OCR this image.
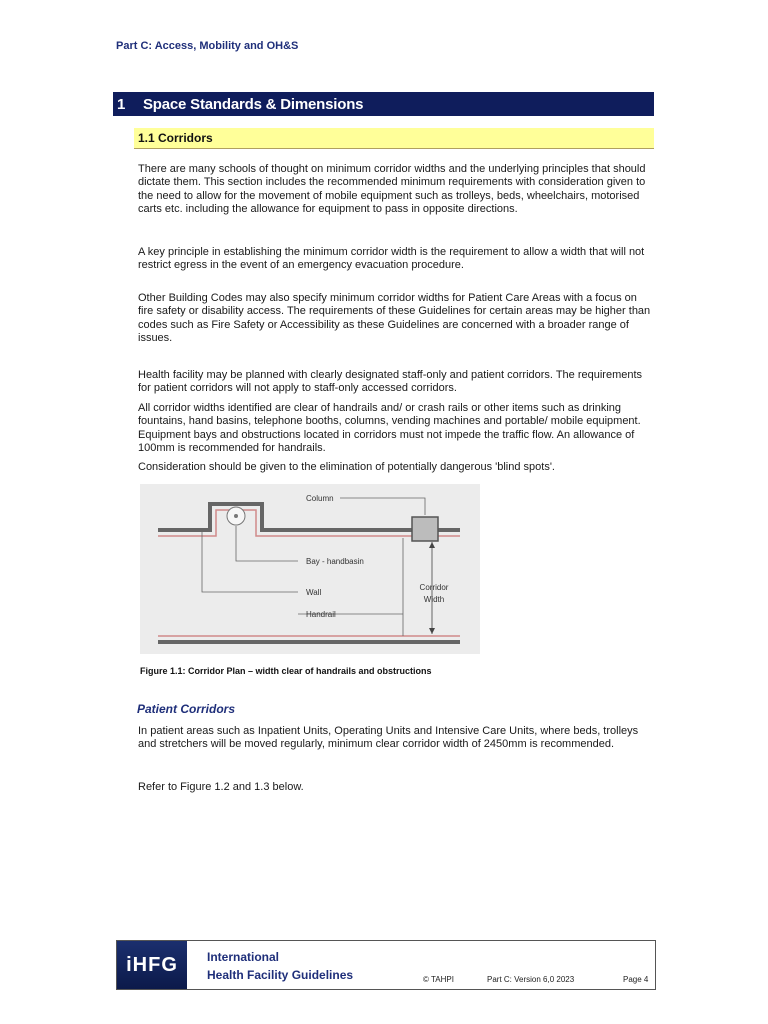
Part C: Access, Mobility and OH&S
1	Space Standards & Dimensions
1.1 Corridors

There are many schools of thought on minimum corridor widths and the underlying principles that should dictate them. This section includes the recommended minimum requirements with consideration given to the need to allow for the movement of mobile equipment such as trolleys, beds, wheelchairs, motorised carts etc. including the allowance for equipment to pass in opposite directions.

A key principle in establishing the minimum corridor width is the requirement to allow a width that will not restrict egress in the event of an emergency evacuation procedure.

Other Building Codes may also specify minimum corridor widths for Patient Care Areas with a focus on fire safety or disability access. The requirements of these Guidelines for certain areas may be higher than codes such as Fire Safety or Accessibility as these Guidelines are concerned with a broader range of issues.

Health facility may be planned with clearly designated staff-only and patient corridors. The requirements for patient corridors will not apply to staff-only accessed corridors.

All corridor widths identified are clear of handrails and/ or crash rails or other items such as drinking fountains, hand basins, telephone booths, columns, vending machines and portable/ mobile equipment. Equipment bays and obstructions located in corridors must not impede the traffic flow. An allowance of 100mm is recommended for handrails.

Consideration should be given to the elimination of potentially dangerous 'blind spots'.

Column
Bay - handbasin
Wall
Handrail
Corridor
Width
Figure 1.1: Corridor Plan – width clear of handrails and obstructions
Patient Corridors

In patient areas such as Inpatient Units, Operating Units and Intensive Care Units, where beds, trolleys and stretchers will be moved regularly, minimum clear corridor width of 2450mm is recommended.

Refer to Figure 1.2 and 1.3 below.

iHFG	International
Health Facility Guidelines	© TAHPI	Part C: Version 6,0 2023	Page 4
